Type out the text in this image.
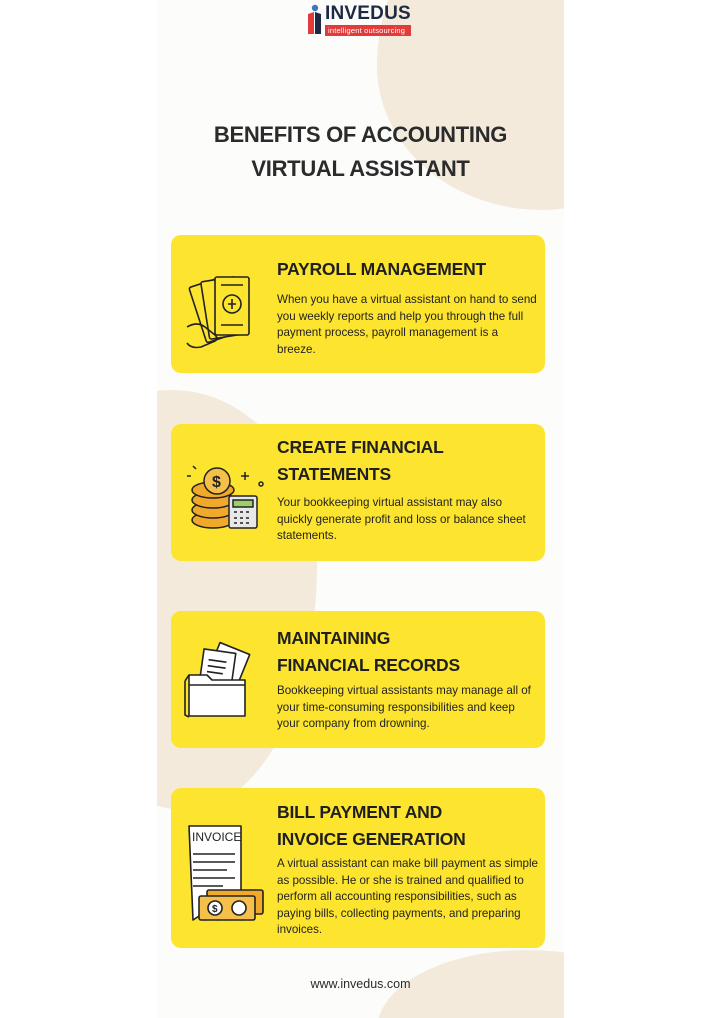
INVEDUS
intelligent outsourcing
BENEFITS OF ACCOUNTING
VIRTUAL ASSISTANT
PAYROLL MANAGEMENT

When you have a virtual assistant on hand to send you weekly reports and help you through the full payment process, payroll management is a breeze.

$
CREATE FINANCIAL
STATEMENTS

Your bookkeeping virtual assistant may also quickly generate profit and loss or balance sheet statements.

MAINTAINING
FINANCIAL RECORDS

Bookkeeping virtual assistants may manage all of your time-consuming responsibilities and keep your company from drowning.

INVOICE
$
BILL PAYMENT AND
INVOICE GENERATION

A virtual assistant can make bill payment as simple as possible. He or she is trained and qualified to perform all accounting responsibilities, such as paying bills, collecting payments, and preparing invoices.

www.invedus.com
